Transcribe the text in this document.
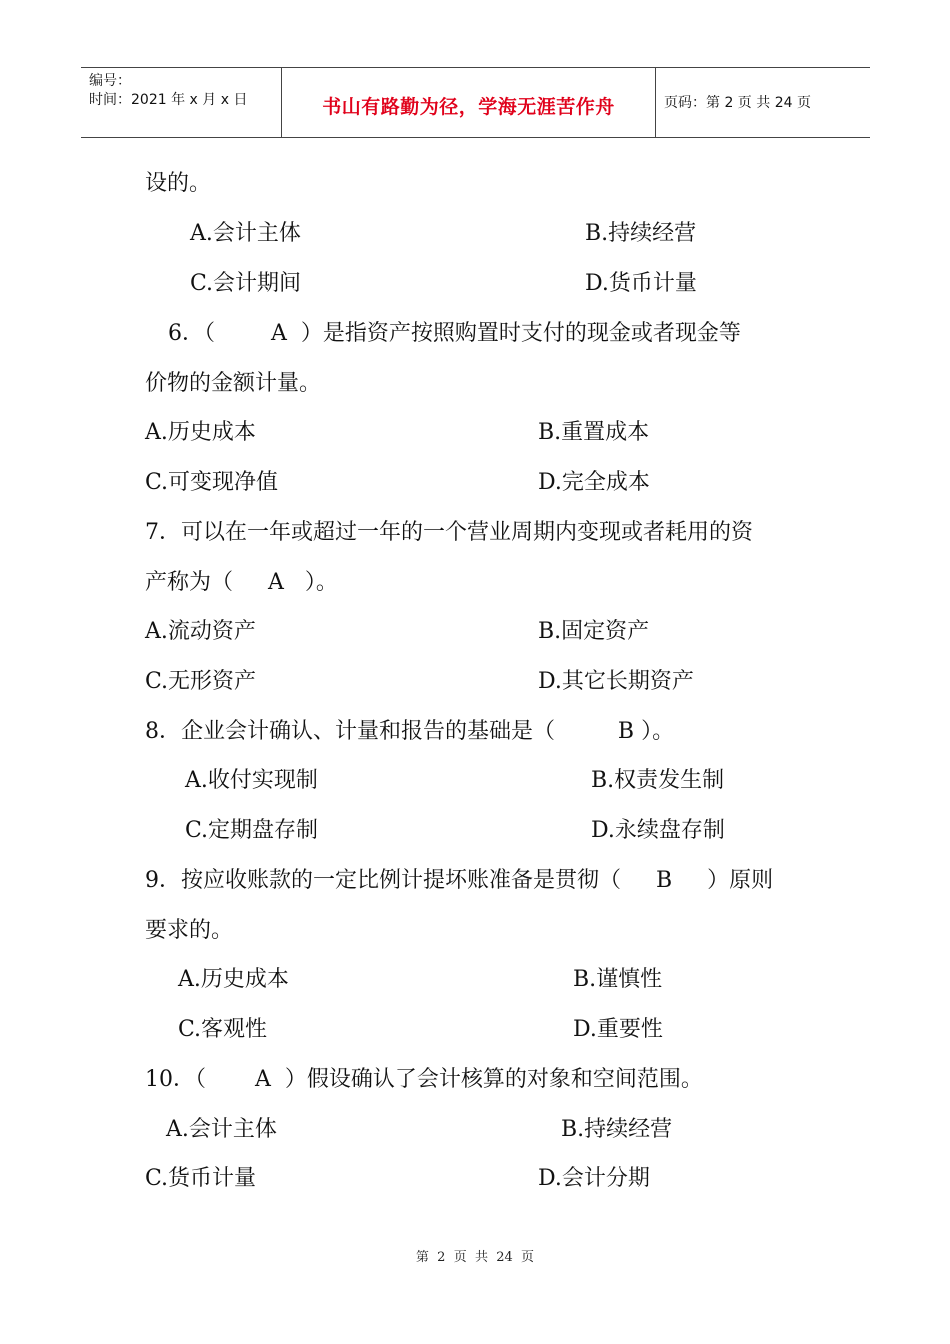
编号：
时间：2021 年 x 月 x 日	书山有路勤为径，学海无涯苦作舟	页码：第 2 页 共 24 页
设的。
A.会计主体	B.持续经营
C.会计期间	D.货币计量
6．（        A  ）是指资产按照购置时支付的现金或者现金等
价物的金额计量。
A.历史成本	B.重置成本
C.可变现净值	D.完全成本
7．可以在一年或超过一年的一个营业周期内变现或者耗用的资
产称为（     A   ）。
A.流动资产	B.固定资产
C.无形资产	D.其它长期资产
8．企业会计确认、计量和报告的基础是（         B ）。
A.收付实现制	B.权责发生制
C.定期盘存制	D.永续盘存制
9．按应收账款的一定比例计提坏账准备是贯彻（     B     ）原则
要求的。
A.历史成本	B.谨慎性
C.客观性	D.重要性
10．（       A  ）假设确认了会计核算的对象和空间范围。
A.会计主体	B.持续经营
C.货币计量	D.会计分期
第  2  页  共  24  页
